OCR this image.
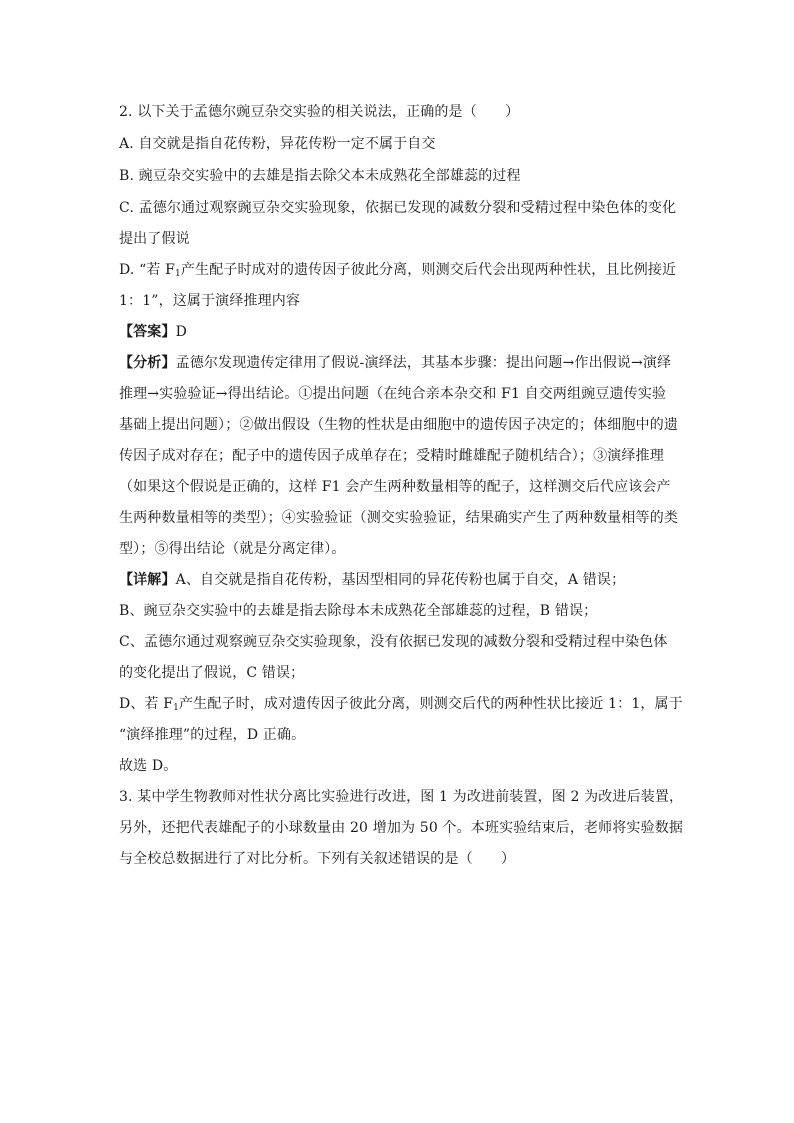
2. 以下关于孟德尔豌豆杂交实验的相关说法，正确的是（　　）
A. 自交就是指自花传粉，异花传粉一定不属于自交
B. 豌豆杂交实验中的去雄是指去除父本未成熟花全部雄蕊的过程
C. 孟德尔通过观察豌豆杂交实验现象，依据已发现的减数分裂和受精过程中染色体的变化
提出了假说
D. “若 $F_1$产生配子时成对的遗传因子彼此分离，则测交后代会出现两种性状，且比例接近
1：1”，这属于演绎推理内容
【答案】D
【分析】孟德尔发现遗传定律用了假说-演绎法，其基本步骤：提出问题→作出假说→演绎
推理→实验验证→得出结论。①提出问题（在纯合亲本杂交和 F1 自交两组豌豆遗传实验
基础上提出问题）；②做出假设（生物的性状是由细胞中的遗传因子决定的；体细胞中的遗
传因子成对存在；配子中的遗传因子成单存在；受精时雌雄配子随机结合）；③演绎推理
（如果这个假说是正确的，这样 F1 会产生两种数量相等的配子，这样测交后代应该会产
生两种数量相等的类型）；④实验验证（测交实验验证，结果确实产生了两种数量相等的类
型）；⑤得出结论（就是分离定律）。
【详解】A、自交就是指自花传粉，基因型相同的异花传粉也属于自交，A 错误；
B、豌豆杂交实验中的去雄是指去除母本未成熟花全部雄蕊的过程，B 错误；
C、孟德尔通过观察豌豆杂交实验现象，没有依据已发现的减数分裂和受精过程中染色体
的变化提出了假说，C 错误；
D、若 $F_1$产生配子时，成对遗传因子彼此分离，则测交后代的两种性状比接近 1：1，属于
“演绎推理”的过程，D 正确。
故选 D。
3. 某中学生物教师对性状分离比实验进行改进，图 1 为改进前装置，图 2 为改进后装置，
另外，还把代表雄配子的小球数量由 20 增加为 50 个。本班实验结束后，老师将实验数据
与全校总数据进行了对比分析。下列有关叙述错误的是（　　）
